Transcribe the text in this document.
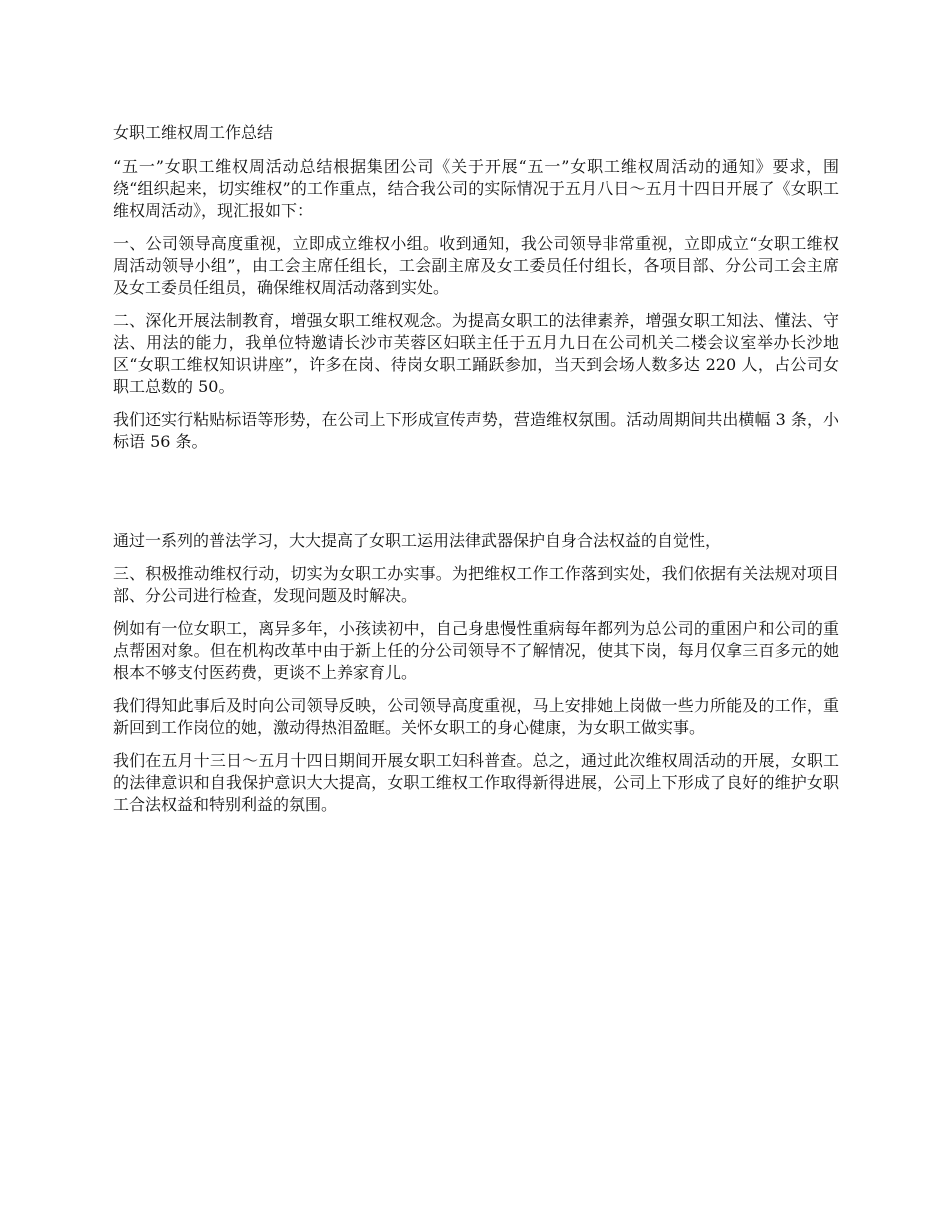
女职工维权周工作总结

“五一”女职工维权周活动总结根据集团公司《关于开展“五一”女职工维权周活动的通知》要求，围绕“组织起来，切实维权”的工作重点，结合我公司的实际情况于五月八日～五月十四日开展了《女职工维权周活动》，现汇报如下：

一、公司领导高度重视，立即成立维权小组。收到通知，我公司领导非常重视，立即成立“女职工维权周活动领导小组”，由工会主席任组长，工会副主席及女工委员任付组长，各项目部、分公司工会主席及女工委员任组员，确保维权周活动落到实处。

二、深化开展法制教育，增强女职工维权观念。为提高女职工的法律素养，增强女职工知法、懂法、守法、用法的能力，我单位特邀请长沙市芙蓉区妇联主任于五月九日在公司机关二楼会议室举办长沙地区“女职工维权知识讲座”，许多在岗、待岗女职工踊跃参加，当天到会场人数多达 220 人，占公司女职工总数的 50。

我们还实行粘贴标语等形势，在公司上下形成宣传声势，营造维权氛围。活动周期间共出横幅 3 条，小标语 56 条。

通过一系列的普法学习，大大提高了女职工运用法律武器保护自身合法权益的自觉性，

三、积极推动维权行动，切实为女职工办实事。为把维权工作工作落到实处，我们依据有关法规对项目部、分公司进行检查，发现问题及时解决。

例如有一位女职工，离异多年，小孩读初中，自己身患慢性重病每年都列为总公司的重困户和公司的重点帮困对象。但在机构改革中由于新上任的分公司领导不了解情况，使其下岗，每月仅拿三百多元的她根本不够支付医药费，更谈不上养家育儿。

我们得知此事后及时向公司领导反映，公司领导高度重视，马上安排她上岗做一些力所能及的工作，重新回到工作岗位的她，激动得热泪盈眶。关怀女职工的身心健康，为女职工做实事。

我们在五月十三日～五月十四日期间开展女职工妇科普查。总之，通过此次维权周活动的开展，女职工的法律意识和自我保护意识大大提高，女职工维权工作取得新得进展，公司上下形成了良好的维护女职工合法权益和特别利益的氛围。
